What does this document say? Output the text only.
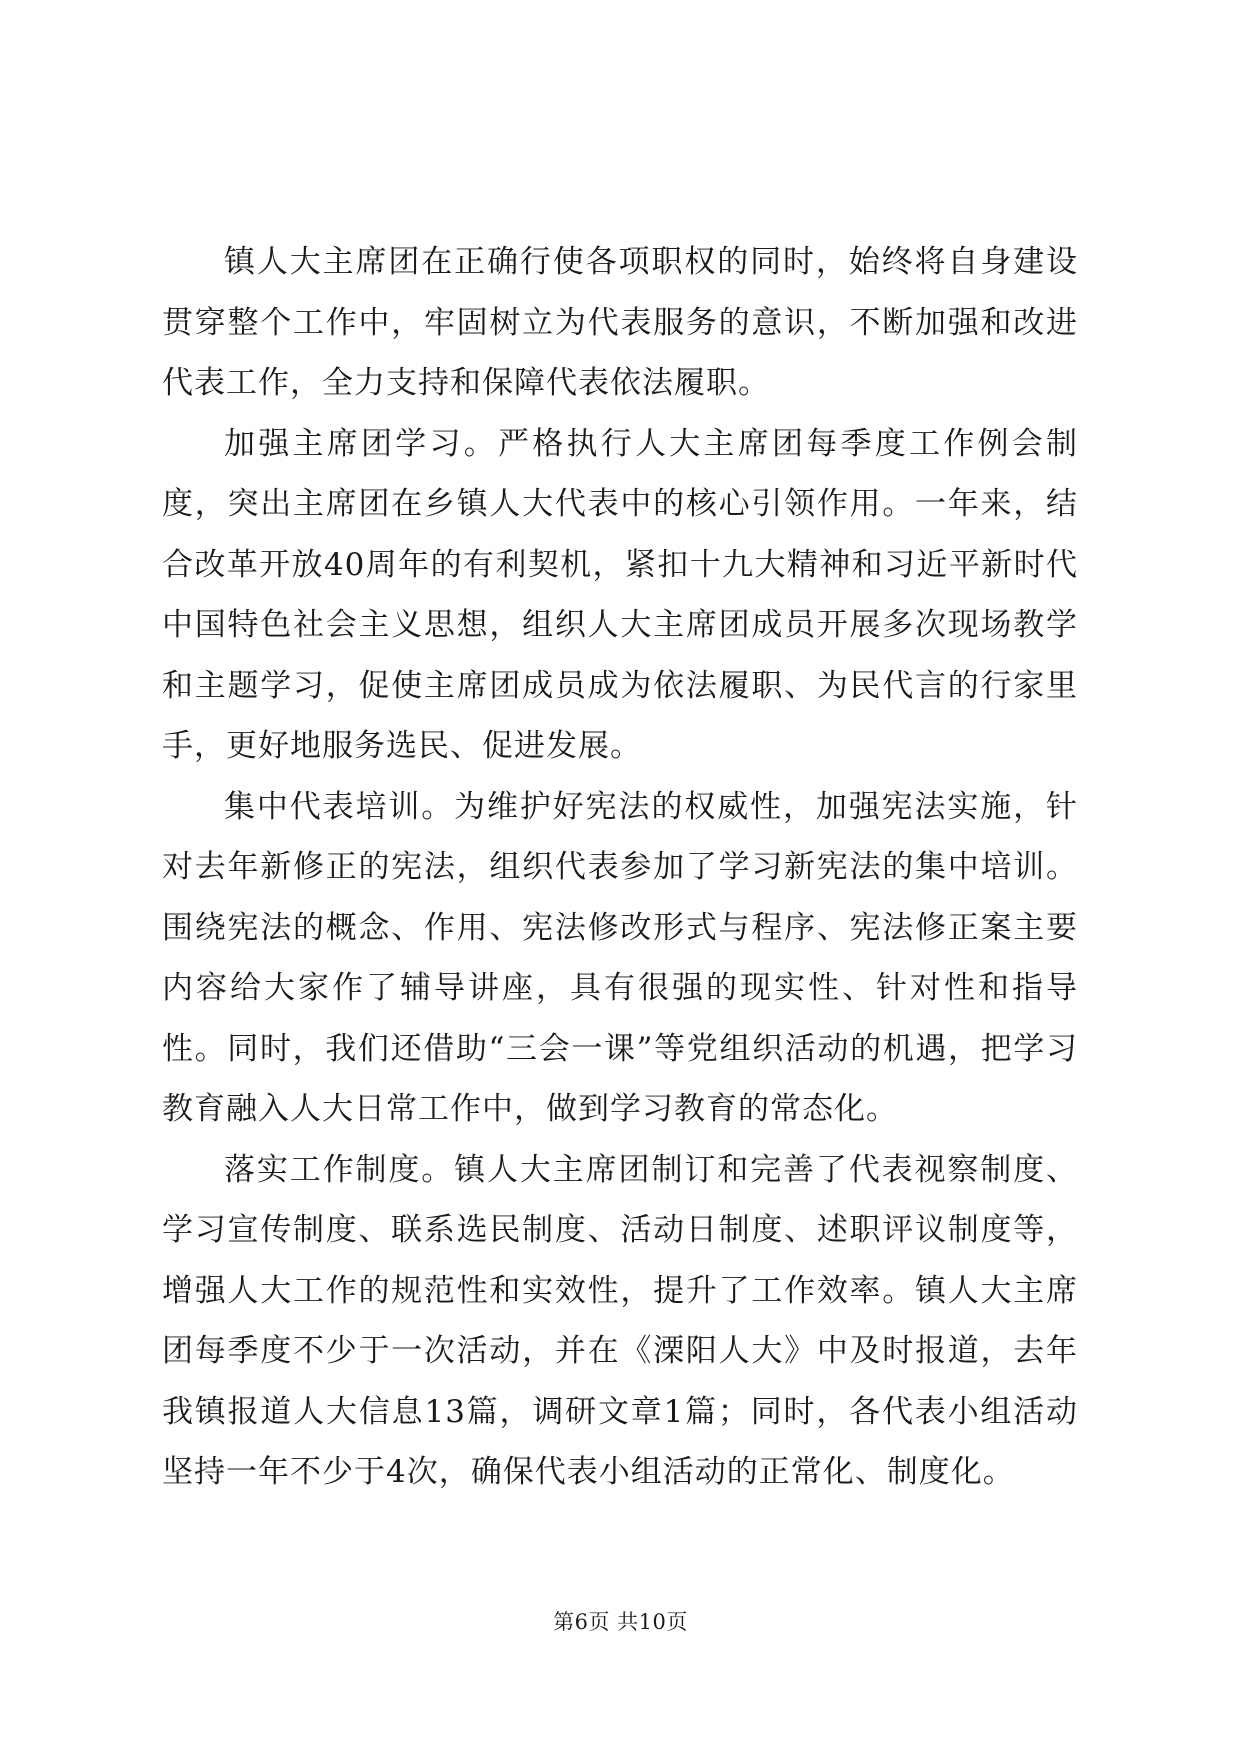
镇人大主席团在正确行使各项职权的同时，始终将自身建设贯穿整个工作中，牢固树立为代表服务的意识，不断加强和改进代表工作，全力支持和保障代表依法履职。

加强主席团学习。严格执行人大主席团每季度工作例会制度，突出主席团在乡镇人大代表中的核心引领作用。一年来，结合改革开放40周年的有利契机，紧扣十九大精神和习近平新时代中国特色社会主义思想，组织人大主席团成员开展多次现场教学和主题学习，促使主席团成员成为依法履职、为民代言的行家里手，更好地服务选民、促进发展。

集中代表培训。为维护好宪法的权威性，加强宪法实施，针对去年新修正的宪法，组织代表参加了学习新宪法的集中培训。围绕宪法的概念、作用、宪法修改形式与程序、宪法修正案主要内容给大家作了辅导讲座，具有很强的现实性、针对性和指导性。同时，我们还借助“三会一课”等党组织活动的机遇，把学习教育融入人大日常工作中，做到学习教育的常态化。

落实工作制度。镇人大主席团制订和完善了代表视察制度、学习宣传制度、联系选民制度、活动日制度、述职评议制度等，增强人大工作的规范性和实效性，提升了工作效率。镇人大主席团每季度不少于一次活动，并在《溧阳人大》中及时报道，去年我镇报道人大信息13篇，调研文章1篇；同时，各代表小组活动坚持一年不少于4次，确保代表小组活动的正常化、制度化。

第6页 共10页
